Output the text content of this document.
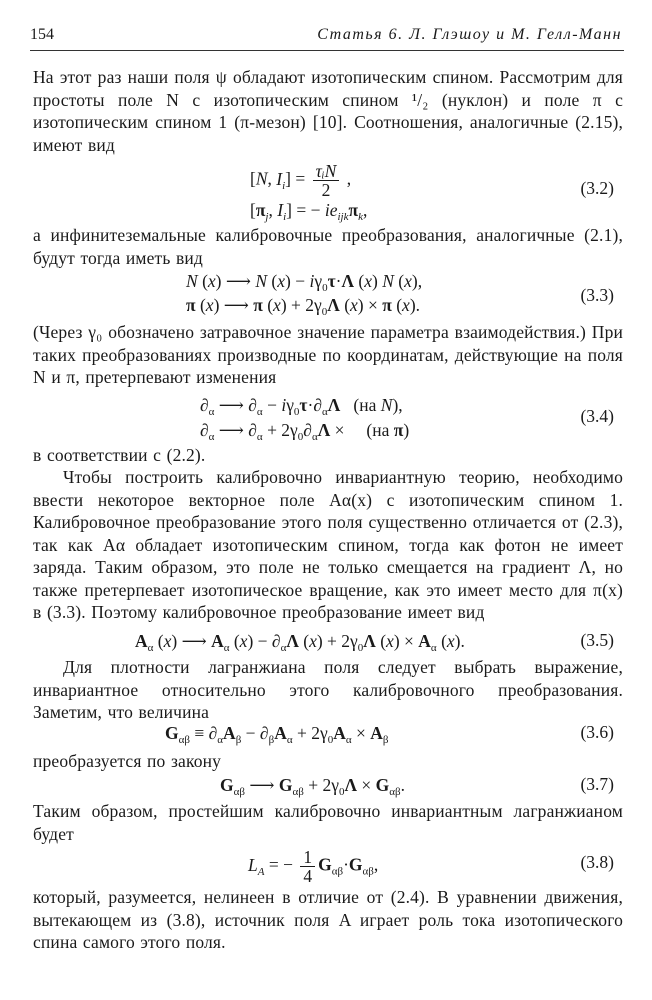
154	Статья 6. Л. Глэшоу и М. Гелл-Манн
На этот раз наши поля ψ обладают изотопическим спином. Рассмотрим для простоты поле N с изотопическим спином ¹/₂ (нуклон) и поле π с изотопическим спином 1 (π-мезон) [10]. Соотношения, аналогичные (2.15), имеют вид
[N, $I_i] = \frac{\text{τᵢN}}{2}$ ,
[$\pi_j$, $I_i$] = − $ie_{ijk}\pi_k$,
(3.2)
а инфинитеземальные калибровочные преобразования, аналогичные (2.1), будут тогда иметь вид
N (x) ⟶ N $(x) - i\gamma_0\tau\cdot\Lambda$ (x) N (x),
π (x) ⟶ π $(x) + 2\gamma_0\Lambda$ (x) × π (x).	(3.3)
(Через γ₀ обозначено затравочное значение параметра взаимодействия.) При таких преобразованиях производные по координатам, действующие на поля N и π, претерпевают изменения
$\partial_\alpha$ ⟶ $\partial_\alpha - i\gamma_0\tau\cdot\partial_\alpha\Lambda$   (на N),
$\partial_\alpha$ ⟶ $\partial_\alpha + 2\gamma_0\partial_\alpha\Lambda$ ×     (на π)
(3.4)
в соответствии с (2.2).
Чтобы построить калибровочно инвариантную теорию, необходимо ввести некоторое векторное поле Aα(x) с изотопическим спином 1. Калибровочное преобразование этого поля существенно отличается от (2.3), так как Aα обладает изотопическим спином, тогда как фотон не имеет заряда. Таким образом, это поле не только смещается на градиент Λ, но также претерпевает изотопическое вращение, как это имеет место для π(x) в (3.3). Поэтому калибровочное преобразование имеет вид
$A_\alpha$ (x) ⟶ $A_\alpha$ $(x) - \partial_\alpha\Lambda$ $(x) + 2\gamma_0\Lambda$ $(x) \times A_\alpha$ (x).	(3.5)
Для плотности лагранжиана поля следует выбрать выражение, инвариантное относительно этого калибровочного преобразования. Заметим, что величина
$G_{\alpha\beta} \equiv \partial_\alpha A_\beta - \partial_\beta A_\alpha + 2\gamma_0A_\alpha \times A_\beta$	(3.6)
преобразуется по закону
$G_{\alpha\beta}$ ⟶ $G_{\alpha\beta} + 2\gamma_0\Lambda \times G_{\alpha\beta}$.	(3.7)
Таким образом, простейшим калибровочно инвариантным лагранжианом будет
$L_A$ = − $\frac{1}{4} G_{\alpha\beta}\cdot G_{\alpha\beta}$,	(3.8)
который, разумеется, нелинеен в отличие от (2.4). В уравнении движения, вытекающем из (3.8), источник поля A играет роль тока изотопического спина самого этого поля.
